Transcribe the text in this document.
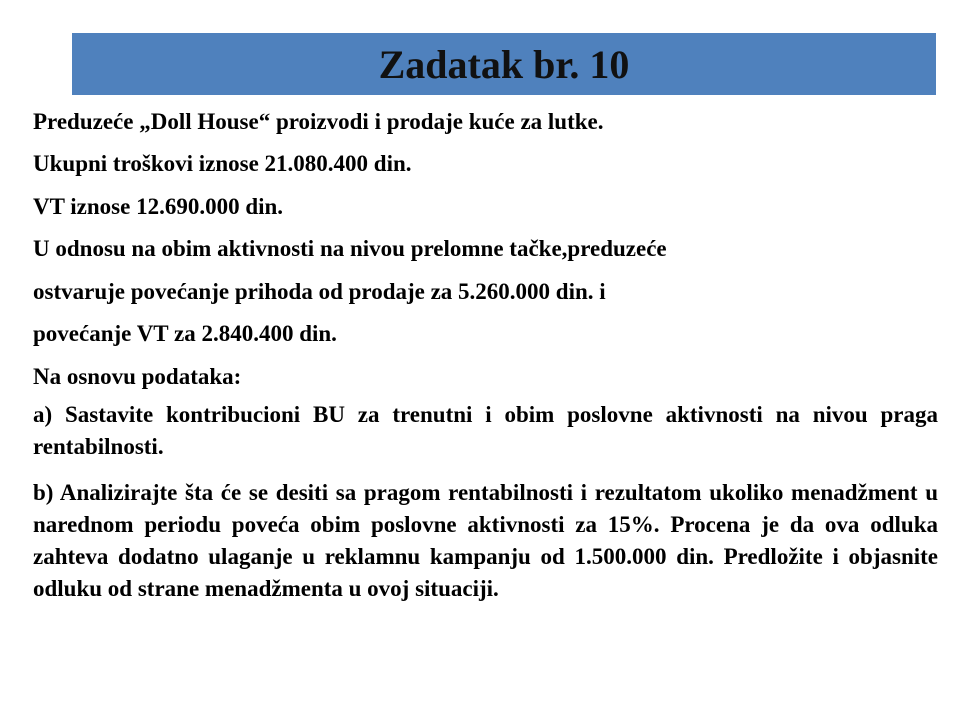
Zadatak br. 10
Preduzeće „Doll House“ proizvodi i prodaje kuće za lutke.
Ukupni troškovi iznose 21.080.400 din.
VT iznose 12.690.000 din.
U odnosu na obim aktivnosti na nivou prelomne tačke,preduzeće
ostvaruje povećanje prihoda od prodaje za 5.260.000 din. i
povećanje VT za 2.840.400 din.
Na osnovu podataka:
a) Sastavite kontribucioni BU za trenutni i obim poslovne aktivnosti na nivou praga rentabilnosti.
b) Analizirajte šta će se desiti sa pragom rentabilnosti i rezultatom ukoliko menadžment u narednom periodu poveća obim poslovne aktivnosti za 15%. Procena je da ova odluka zahteva dodatno ulaganje u reklamnu kampanju od 1.500.000 din. Predložite i objasnite odluku od strane menadžmenta u ovoj situaciji.
